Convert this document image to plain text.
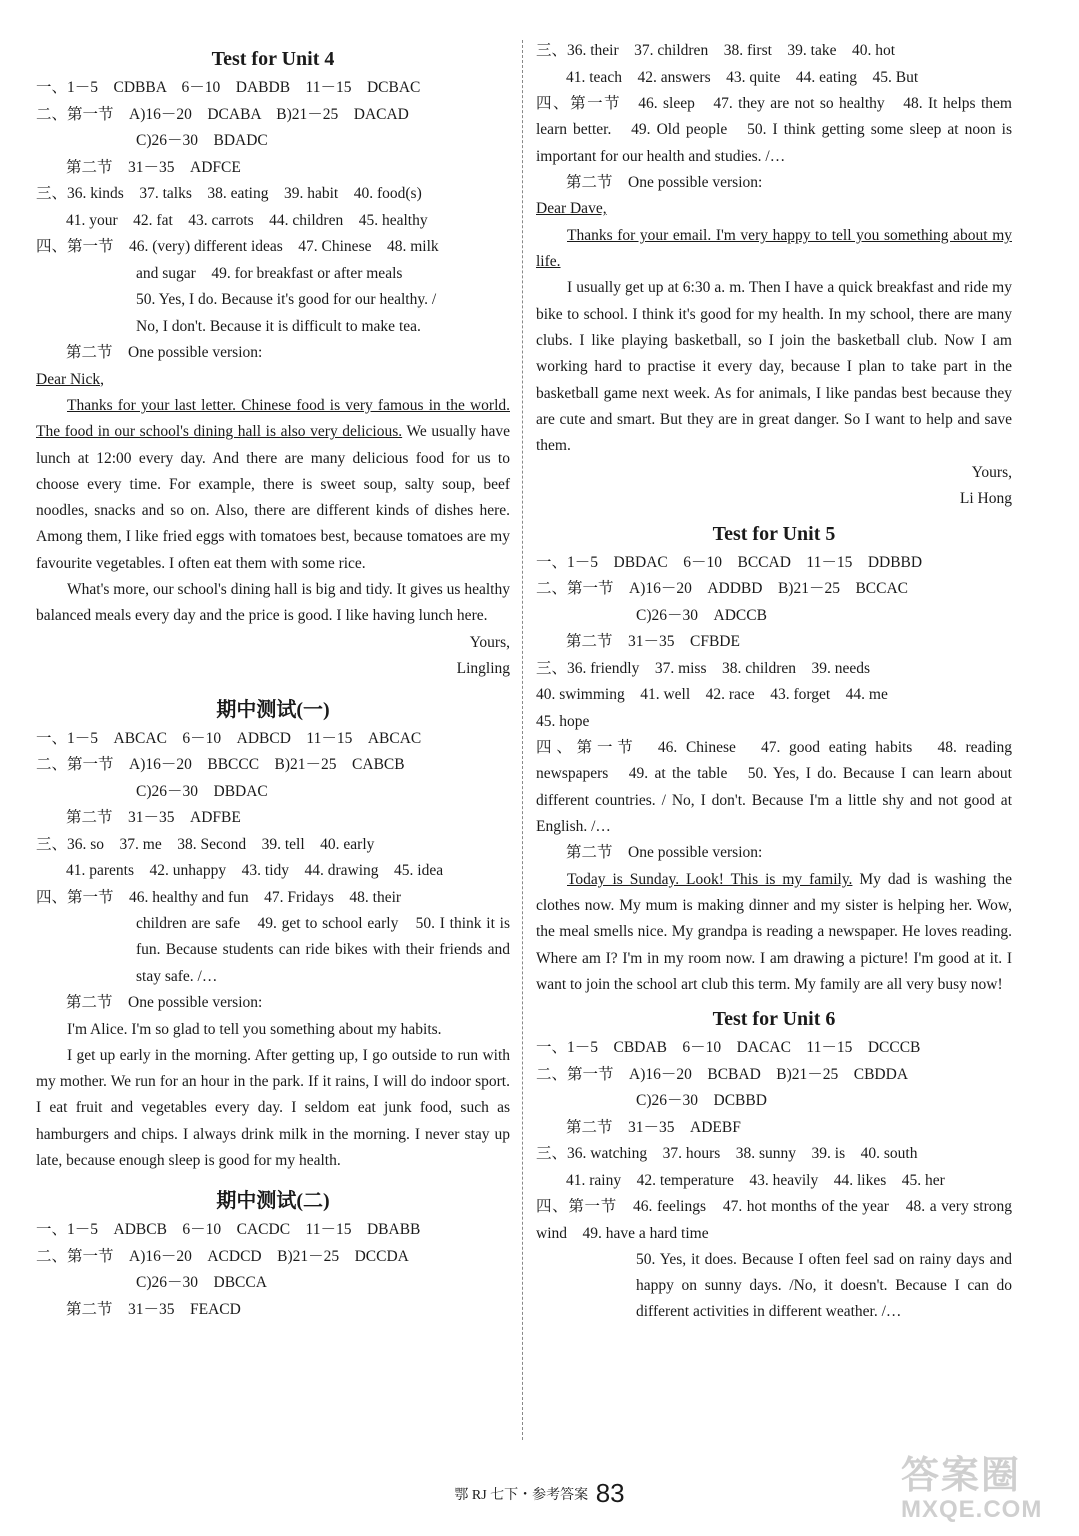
Test for Unit 4
一、1－5　CDBBA　6－10　DABDB　11－15　DCBAC
二、第一节　A)16－20　DCABA　B)21－25　DACAD
C)26－30　BDADC
第二节　31－35　ADFCE
三、36. kinds　37. talks　38. eating　39. habit　40. food(s)
41. your　42. fat　43. carrots　44. children　45. healthy
四、第一节　46. (very) different ideas　47. Chinese　48. milk
and sugar　49. for breakfast or after meals
50. Yes, I do. Because it's good for our healthy. /
No, I don't. Because it is difficult to make tea.
第二节　One possible version:
Dear Nick,
Thanks for your last letter. Chinese food is very famous in the world. The food in our school's dining hall is also very delicious. We usually have lunch at 12:00 every day. And there are many delicious food for us to choose every time. For example, there is sweet soup, salty soup, beef noodles, snacks and so on. Also, there are different kinds of dishes here. Among them, I like fried eggs with tomatoes best, because tomatoes are my favourite vegetables. I often eat them with some rice.
What's more, our school's dining hall is big and tidy. It gives us healthy balanced meals every day and the price is good. I like having lunch here.
Yours,
Lingling
期中测试(一)
一、1－5　ABCAC　6－10　ADBCD　11－15　ABCAC
二、第一节　A)16－20　BBCCC　B)21－25　CABCB
C)26－30　DBDAC
第二节　31－35　ADFBE
三、36. so　37. me　38. Second　39. tell　40. early
41. parents　42. unhappy　43. tidy　44. drawing　45. idea
四、第一节　46. healthy and fun　47. Fridays　48. their
children are safe　49. get to school early　50. I think it is fun. Because students can ride bikes with their friends and stay safe. /…
第二节　One possible version:
I'm Alice. I'm so glad to tell you something about my habits.
I get up early in the morning. After getting up, I go outside to run with my mother. We run for an hour in the park. If it rains, I will do indoor sport. I eat fruit and vegetables every day. I seldom eat junk food, such as hamburgers and chips. I always drink milk in the morning. I never stay up late, because enough sleep is good for my health.
期中测试(二)
一、1－5　ADBCB　6－10　CACDC　11－15　DBABB
二、第一节　A)16－20　ACDCD　B)21－25　DCCDA
C)26－30　DBCCA
第二节　31－35　FEACD
三、36. their　37. children　38. first　39. take　40. hot
41. teach　42. answers　43. quite　44. eating　45. But
四、第一节　46. sleep　47. they are not so healthy　48. It helps them learn better.　49. Old people　50. I think getting some sleep at noon is important for our health and studies. /…
第二节　One possible version:
Dear Dave,
Thanks for your email. I'm very happy to tell you something about my life.
I usually get up at 6:30 a. m. Then I have a quick breakfast and ride my bike to school. I think it's good for my health. In my school, there are many clubs. I like playing basketball, so I join the basketball club. Now I am working hard to practise it every day, because I plan to take part in the basketball game next week. As for animals, I like pandas best because they are cute and smart. But they are in great danger. So I want to help and save them.
Yours,
Li Hong
Test for Unit 5
一、1－5　DBDAC　6－10　BCCAD　11－15　DDBBD
二、第一节　A)16－20　ADDBD　B)21－25　BCCAC
C)26－30　ADCCB
第二节　31－35　CFBDE
三、36. friendly　37. miss　38. children　39. needs
40. swimming　41. well　42. race　43. forget　44. me
45. hope
四、第一节　46. Chinese　47. good eating habits　48. reading newspapers　49. at the table　50. Yes, I do. Because I can learn about different countries. / No, I don't. Because I'm a little shy and not good at English. /…
第二节　One possible version:
Today is Sunday. Look! This is my family. My dad is washing the clothes now. My mum is making dinner and my sister is helping her. Wow, the meal smells nice. My grandpa is reading a newspaper. He loves reading. Where am I? I'm in my room now. I am drawing a picture! I'm good at it. I want to join the school art club this term. My family are all very busy now!
Test for Unit 6
一、1－5　CBDAB　6－10　DACAC　11－15　DCCCB
二、第一节　A)16－20　BCBAD　B)21－25　CBDDA
C)26－30　DCBBD
第二节　31－35　ADEBF
三、36. watching　37. hours　38. sunny　39. is　40. south
41. rainy　42. temperature　43. heavily　44. likes　45. her
四、第一节　46. feelings　47. hot months of the year　48. a very strong wind　49. have a hard time
50. Yes, it does. Because I often feel sad on rainy days and happy on sunny days. /No, it doesn't. Because I can do different activities in different weather. /…
鄂 RJ 七下・参考答案 83	答案圈
MXQE.COM
